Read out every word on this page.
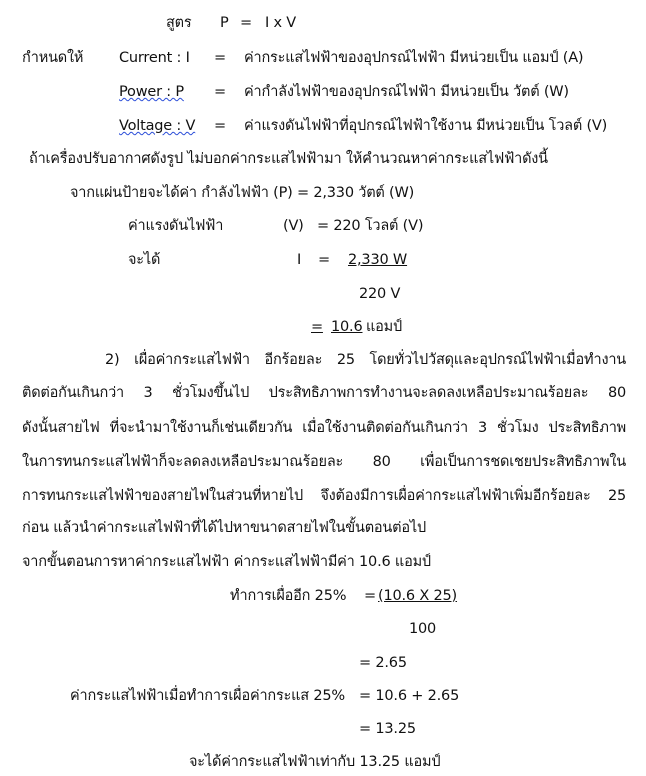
สูตร P = I x V
กำหนดให้ Current : I = ค่ากระแสไฟฟ้าของอุปกรณ์ไฟฟ้า มีหน่วยเป็น แอมป์ (A)
Power : P = ค่ากำลังไฟฟ้าของอุปกรณ์ไฟฟ้า มีหน่วยเป็น วัตต์ (W)
Voltage : V = ค่าแรงดันไฟฟ้าที่อุปกรณ์ไฟฟ้าใช้งาน มีหน่วยเป็น โวลต์ (V)
ถ้าเครื่องปรับอากาศดังรูป ไม่บอกค่ากระแสไฟฟ้ามา ให้คำนวณหาค่ากระแสไฟฟ้าดังนี้
จากแผ่นป้ายจะได้ค่า กำลังไฟฟ้า (P) = 2,330 วัตต์ (W)
ค่าแรงดันไฟฟ้า	(V) = 220 โวลต์ (V)
จะได้	I = 2,330 W
220 V
= 10.6 แอมป์
2) เผื่อค่ากระแสไฟฟ้า อีกร้อยละ 25 โดยทั่วไปวัสดุและอุปกรณ์ไฟฟ้าเมื่อทำงาน
ติดต่อกันเกินกว่า 3 ชั่วโมงขึ้นไป ประสิทธิภาพการทำงานจะลดลงเหลือประมาณร้อยละ 80
ดังนั้นสายไฟ ที่จะนำมาใช้งานก็เช่นเดียวกัน เมื่อใช้งานติดต่อกันเกินกว่า 3 ชั่วโมง ประสิทธิภาพ
ในการทนกระแสไฟฟ้าก็จะลดลงเหลือประมาณร้อยละ 80 เพื่อเป็นการชดเชยประสิทธิภาพใน
การทนกระแสไฟฟ้าของสายไฟในส่วนที่หายไป จึงต้องมีการเผื่อค่ากระแสไฟฟ้าเพิ่มอีกร้อยละ 25
ก่อน แล้วนำค่ากระแสไฟฟ้าที่ได้ไปหาขนาดสายไฟในขั้นตอนต่อไป
จากขั้นตอนการหาค่ากระแสไฟฟ้า ค่ากระแสไฟฟ้ามีค่า 10.6 แอมป์
ทำการเผื่ออีก 25% = (10.6 X 25)
100
= 2.65
ค่ากระแสไฟฟ้าเมื่อทำการเผื่อค่ากระแส 25% = 10.6 + 2.65
= 13.25
จะได้ค่ากระแสไฟฟ้าเท่ากับ 13.25 แอมป์
